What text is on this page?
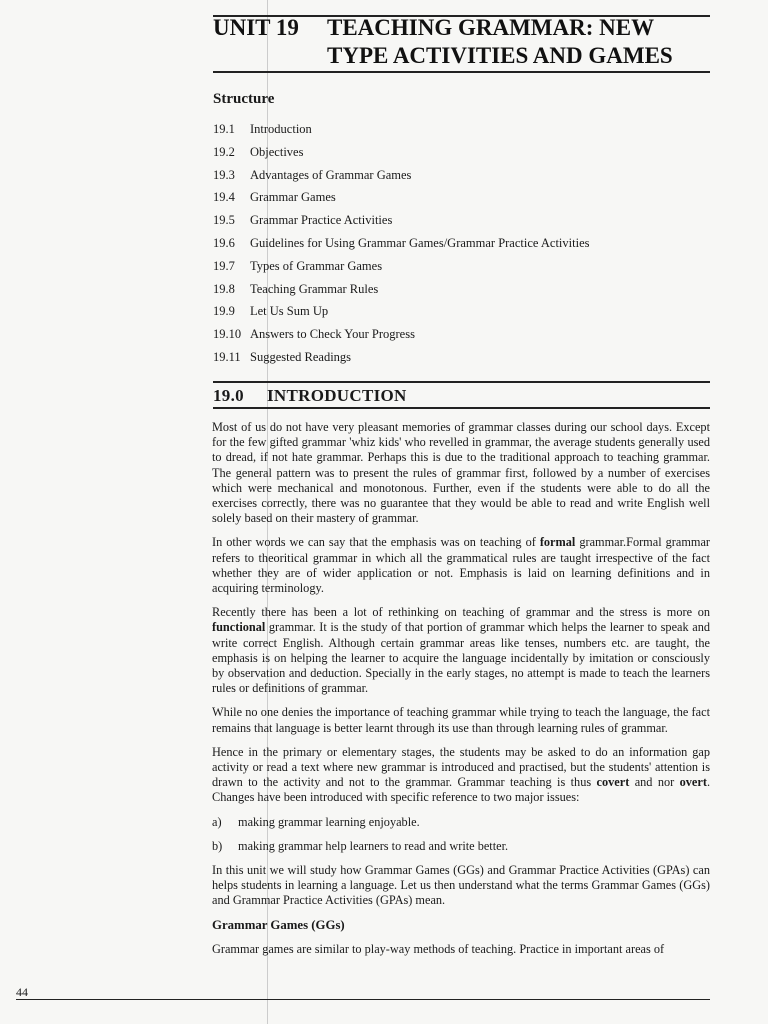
UNIT 19 TEACHING GRAMMAR: NEW TYPE ACTIVITIES AND GAMES
Structure
19.1 Introduction
19.2 Objectives
19.3 Advantages of Grammar Games
19.4 Grammar Games
19.5 Grammar Practice Activities
19.6 Guidelines for Using Grammar Games/Grammar Practice Activities
19.7 Types of Grammar Games
19.8 Teaching Grammar Rules
19.9 Let Us Sum Up
19.10 Answers to Check Your Progress
19.11 Suggested Readings
19.0 INTRODUCTION

Most of us do not have very pleasant memories of grammar classes during our school days. Except for the few gifted grammar 'whiz kids' who revelled in grammar, the average students generally used to dread, if not hate grammar. Perhaps this is due to the traditional approach to teaching grammar. The general pattern was to present the rules of grammar first, followed by a number of exercises which were mechanical and monotonous. Further, even if the students were able to do all the exercises correctly, there was no guarantee that they would be able to read and write English well solely based on their mastery of grammar.

In other words we can say that the emphasis was on teaching of formal grammar.Formal grammar refers to theoritical grammar in which all the grammatical rules are taught irrespective of the fact whether they are of wider application or not. Emphasis is laid on learning definitions and in acquiring terminology.

Recently there has been a lot of rethinking on teaching of grammar and the stress is more on functional grammar. It is the study of that portion of grammar which helps the learner to speak and write correct English. Although certain grammar areas like tenses, numbers etc. are taught, the emphasis is on helping the learner to acquire the language incidentally by imitation or consciously by observation and deduction. Specially in the early stages, no attempt is made to teach the learners rules or definitions of grammar.

While no one denies the importance of teaching grammar while trying to teach the language, the fact remains that language is better learnt through its use than through learning rules of grammar.

Hence in the primary or elementary stages, the students may be asked to do an information gap activity or read a text where new grammar is introduced and practised, but the students' attention is drawn to the activity and not to the grammar. Grammar teaching is thus covert and nor overt. Changes have been introduced with specific reference to two major issues:

a) making grammar learning enjoyable.
b) making grammar help learners to read and write better.

In this unit we will study how Grammar Games (GGs) and Grammar Practice Activities (GPAs) can helps students in learning a language. Let us then understand what the terms Grammar Games (GGs) and Grammar Practice Activities (GPAs) mean.

Grammar Games (GGs)

Grammar games are similar to play-way methods of teaching. Practice in important areas of

44
